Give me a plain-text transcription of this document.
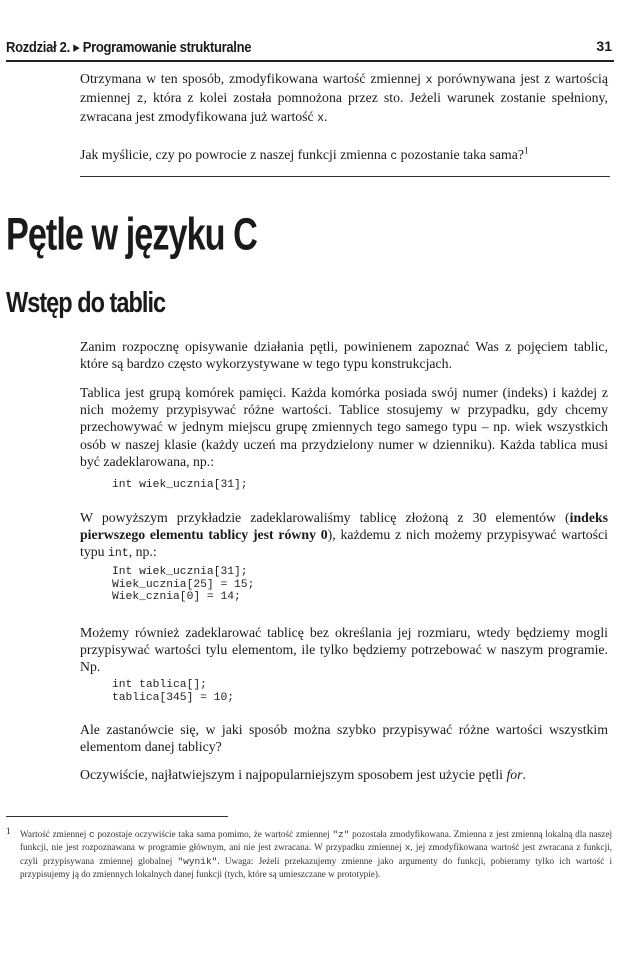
Rozdział 2. ▸ Programowanie strukturalne	31

Otrzymana w ten sposób, zmodyfikowana wartość zmiennej x porównywana jest z wartością zmiennej z, która z kolei została pomnożona przez sto. Jeżeli warunek zostanie spełniony, zwracana jest zmodyfikowana już wartość x.

Jak myślicie, czy po powrocie z naszej funkcji zmienna c pozostanie taka sama?$^1$

Pętle w języku C
Wstęp do tablic

Zanim rozpocznę opisywanie działania pętli, powinienem zapoznać Was z pojęciem tablic, które są bardzo często wykorzystywane w tego typu konstrukcjach.

Tablica jest grupą komórek pamięci. Każda komórka posiada swój numer (indeks) i każdej z nich możemy przypisywać różne wartości. Tablice stosujemy w przypadku, gdy chcemy przechowywać w jednym miejscu grupę zmiennych tego samego typu – np. wiek wszystkich osób w naszej klasie (każdy uczeń ma przydzielony numer w dzienniku). Każda tablica musi być zadeklarowana, np.:

int wiek_ucznia[31];

W powyższym przykładzie zadeklarowaliśmy tablicę złożoną z 30 elementów (indeks pierwszego elementu tablicy jest równy 0), każdemu z nich możemy przypisywać wartości typu int, np.:

Int wiek_ucznia[31];
Wiek_ucznia[25] = 15;
Wiek_cznia[0] = 14;

Możemy również zadeklarować tablicę bez określania jej rozmiaru, wtedy będziemy mogli przypisywać wartości tylu elementom, ile tylko będziemy potrzebować w naszym programie. Np.

int tablica[];
tablica[345] = 10;

Ale zastanówcie się, w jaki sposób można szybko przypisywać różne wartości wszystkim elementom danej tablicy?

Oczywiście, najłatwiejszym i najpopularniejszym sposobem jest użycie pętli for.

1 Wartość zmiennej c pozostaje oczywiście taka sama pomimo, że wartość zmiennej "z" pozostała zmodyfikowana. Zmienna z jest zmienną lokalną dla naszej funkcji, nie jest rozpoznawana w programie głównym, ani nie jest zwracana. W przypadku zmiennej x, jej zmodyfikowana wartość jest zwracana z funkcji, czyli przypisywana zmiennej globalnej "wynik". Uwaga: Jeżeli przekazujemy zmienne jako argumenty do funkcji, pobieramy tylko ich wartość i przypisujemy ją do zmiennych lokalnych danej funkcji (tych, które są umieszczane w prototypie).
